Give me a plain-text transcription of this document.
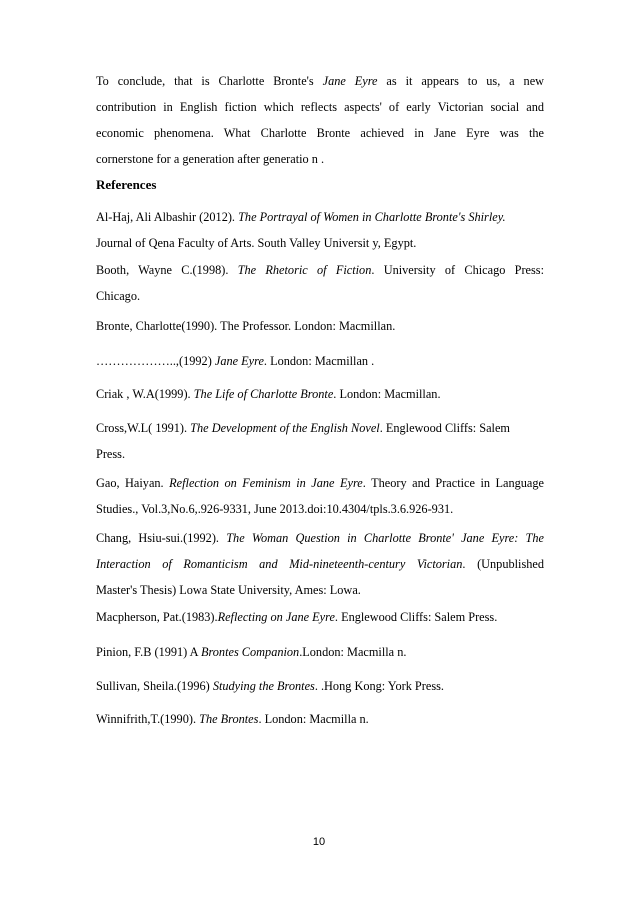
To conclude, that is Charlotte Bronte's Jane Eyre as it appears to us, a new
contribution in English fiction which reflects aspects' of early Victorian social and
economic phenomena. What Charlotte Bronte achieved in Jane Eyre was the
cornerstone for a generation after generatio n .
References
Al-Haj, Ali Albashir (2012). The Portrayal of Women in Charlotte Bronte's Shirley.
Journal of Qena Faculty of Arts. South Valley Universit y, Egypt.
Booth, Wayne C.(1998). The Rhetoric of Fiction. University of Chicago Press:
Chicago.
Bronte, Charlotte(1990). The Professor. London: Macmillan.
………………..,(1992) Jane Eyre. London: Macmillan .
Criak , W.A(1999). The Life of Charlotte Bronte. London: Macmillan.
Cross,W.L( 1991). The Development of the English Novel. Englewood Cliffs: Salem
Press.
Gao, Haiyan. Reflection on Feminism in Jane Eyre. Theory and Practice in Language
Studies., Vol.3,No.6,.926-9331, June 2013.doi:10.4304/tpls.3.6.926-931.
Chang, Hsiu-sui.(1992). The Woman Question in Charlotte Bronte' Jane Eyre: The
Interaction of Romanticism and Mid-nineteenth-century Victorian. (Unpublished
Master's Thesis) Lowa State University, Ames: Lowa.
Macpherson, Pat.(1983).Reflecting on Jane Eyre. Englewood Cliffs: Salem Press.
Pinion, F.B (1991) A Brontes Companion.London: Macmilla n.
Sullivan, Sheila.(1996) Studying the Brontes. .Hong Kong: York Press.
Winnifrith,T.(1990). The Brontes. London: Macmilla n.
10
